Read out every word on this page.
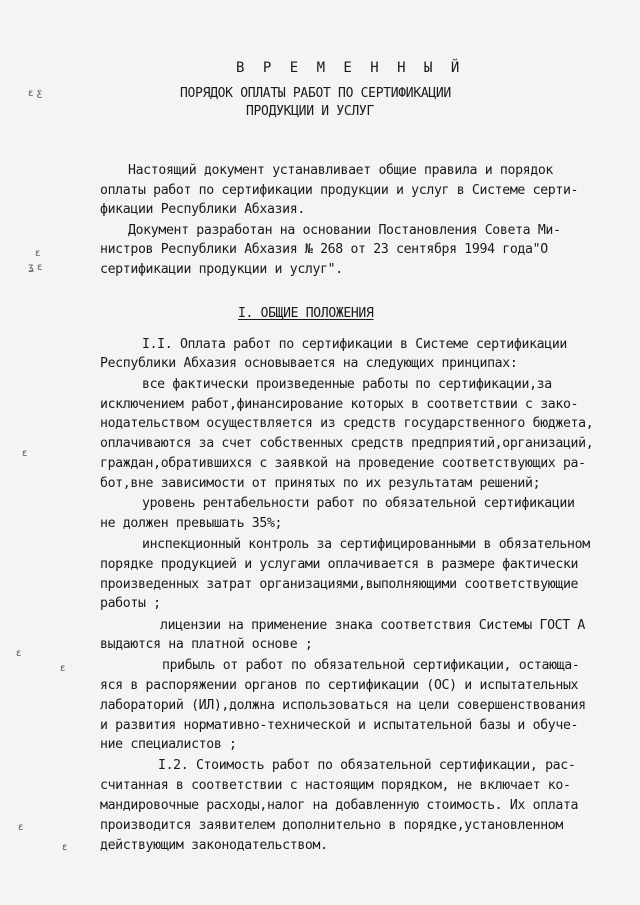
ε ƹ
ε
ʓ ɛ
ɛ
ɛ
ɛ
ɛ
ɛ
В Р Е М Е Н Н Ы Й
ПОРЯДОК ОПЛАТЫ РАБОТ ПО СЕРТИФИКАЦИИ
ПРОДУКЦИИ И УСЛУГ
Настоящий документ устанавливает общие правила и порядок
оплаты работ по сертификации продукции и услуг в Системе серти-
фикации Республики Абхазия.
Документ разработан на основании Постановления Совета Ми-
нистров Республики Абхазия № 268 от 23 сентября 1994 года"О
сертификации продукции и услуг".
I. ОБЩИЕ ПОЛОЖЕНИЯ
I.I. Оплата работ по сертификации в Системе сертификации
Республики Абхазия основывается на следующих принципах:
все фактически произведенные работы по сертификации,за
исключением работ,финансирование которых в соответствии с зако-
нодательством осуществляется из средств государственного бюджета,
оплачиваются за счет собственных средств предприятий,организаций,
граждан,обратившихся с заявкой на проведение соответствующих ра-
бот,вне зависимости от принятых по их результатам решений;
уровень рентабельности работ по обязательной сертификации
не должен превышать 35%;
инспекционный контроль за сертифицированными в обязательном
порядке продукцией и услугами оплачивается в размере фактически
произведенных затрат организациями,выполняющими соответствующие
работы ;
лицензии на применение знака соответствия Системы ГОСТ А
выдаются на платной основе ;
прибыль от работ по обязательной сертификации, остающа-
яся в распоряжении органов по сертификации (ОС) и испытательных
лабораторий (ИЛ),должна использоваться на цели совершенствования
и развития нормативно-технической и испытательной базы и обуче-
ние специалистов ;
I.2. Стоимость работ по обязательной сертификации, рас-
считанная в соответствии с настоящим порядком, не включает ко-
мандировочные расходы,налог на добавленную стоимость. Их оплата
производится заявителем дополнительно в порядке,установленном
действующим законодательством.
